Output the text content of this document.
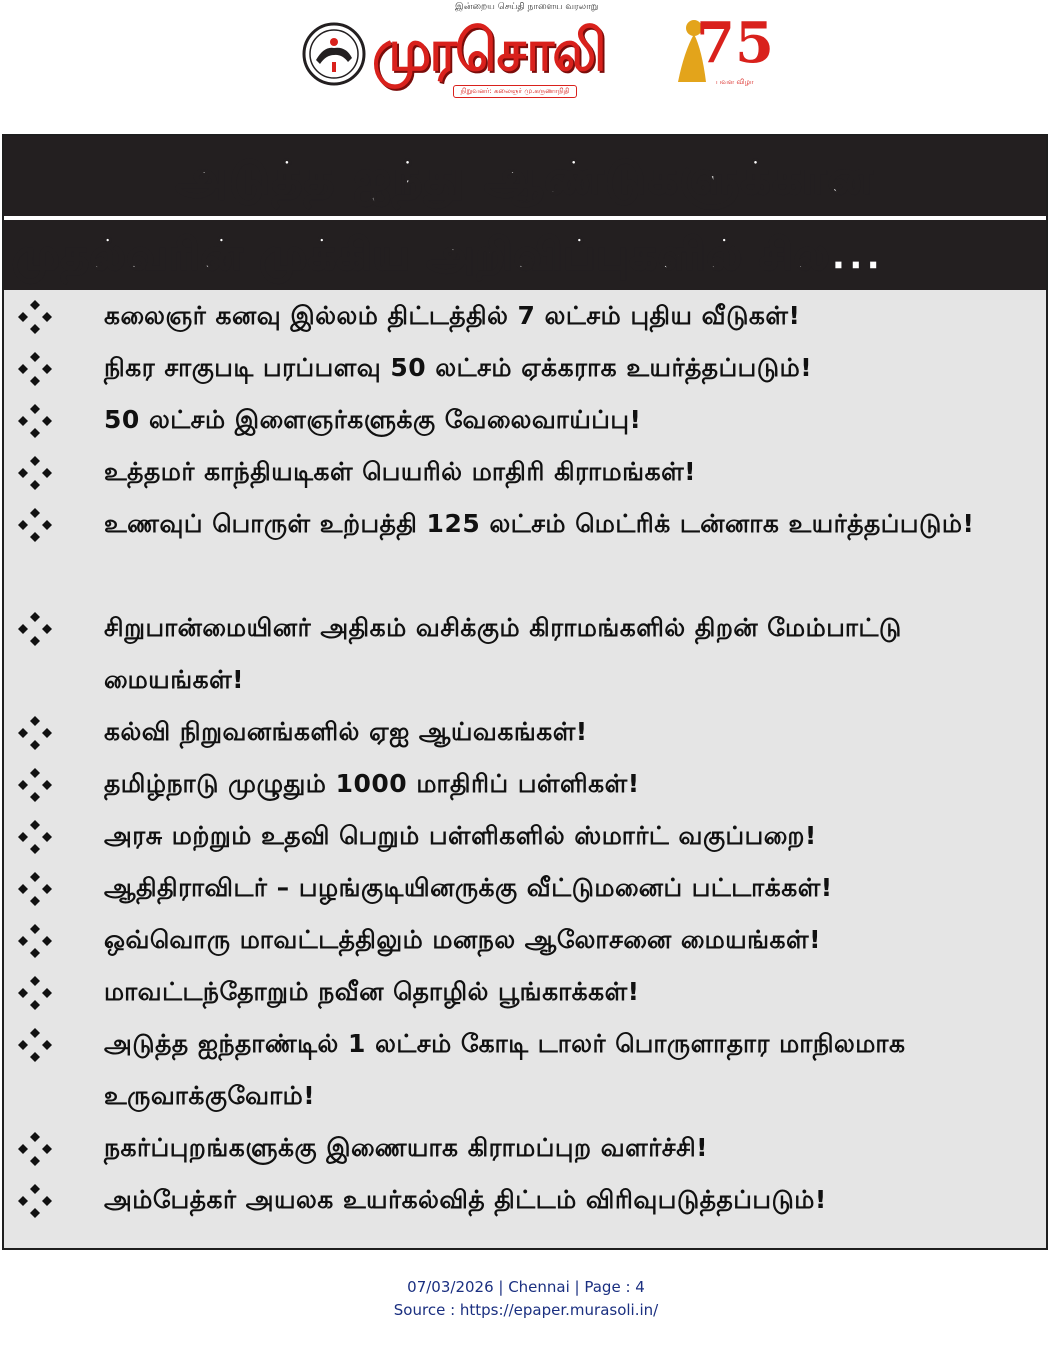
இன்றைய செய்தி நாளைய வரலாறு
முரசொலி
நிறுவனர்: கலைஞர் மு.கருணாநிதி
75
பவள விழா
அடுத்த ஐந்து ஆண்டுகளுக்கான
முதல்வரின் முக்கிய அறிவிப்புகளில் சில...
கலைஞர் கனவு இல்லம் திட்டத்தில் 7 லட்சம் புதிய வீடுகள்!
நிகர சாகுபடி பரப்பளவு 50 லட்சம் ஏக்கராக உயர்த்தப்படும்!
50 லட்சம் இளைஞர்களுக்கு வேலைவாய்ப்பு!
உத்தமர் காந்தியடிகள் பெயரில் மாதிரி கிராமங்கள்!
உணவுப் பொருள் உற்பத்தி 125 லட்சம் மெட்ரிக் டன்னாக உயர்த்தப்படும்!
சிறுபான்மையினர் அதிகம் வசிக்கும் கிராமங்களில் திறன் மேம்பாட்டு மையங்கள்!
கல்வி நிறுவனங்களில் ஏஐ ஆய்வகங்கள்!
தமிழ்நாடு முழுதும் 1000 மாதிரிப் பள்ளிகள்!
அரசு மற்றும் உதவி பெறும் பள்ளிகளில் ஸ்மார்ட் வகுப்பறை!
ஆதிதிராவிடர் – பழங்குடியினருக்கு வீட்டுமனைப் பட்டாக்கள்!
ஒவ்வொரு மாவட்டத்திலும் மனநல ஆலோசனை மையங்கள்!
மாவட்டந்தோறும் நவீன தொழில் பூங்காக்கள்!
அடுத்த ஐந்தாண்டில் 1 லட்சம் கோடி டாலர் பொருளாதார மாநிலமாக உருவாக்குவோம்!
நகர்ப்புறங்களுக்கு இணையாக கிராமப்புற வளர்ச்சி!
அம்பேத்கர் அயலக உயர்கல்வித் திட்டம் விரிவுபடுத்தப்படும்!
07/03/2026 | Chennai | Page : 4
Source : https://epaper.murasoli.in/
